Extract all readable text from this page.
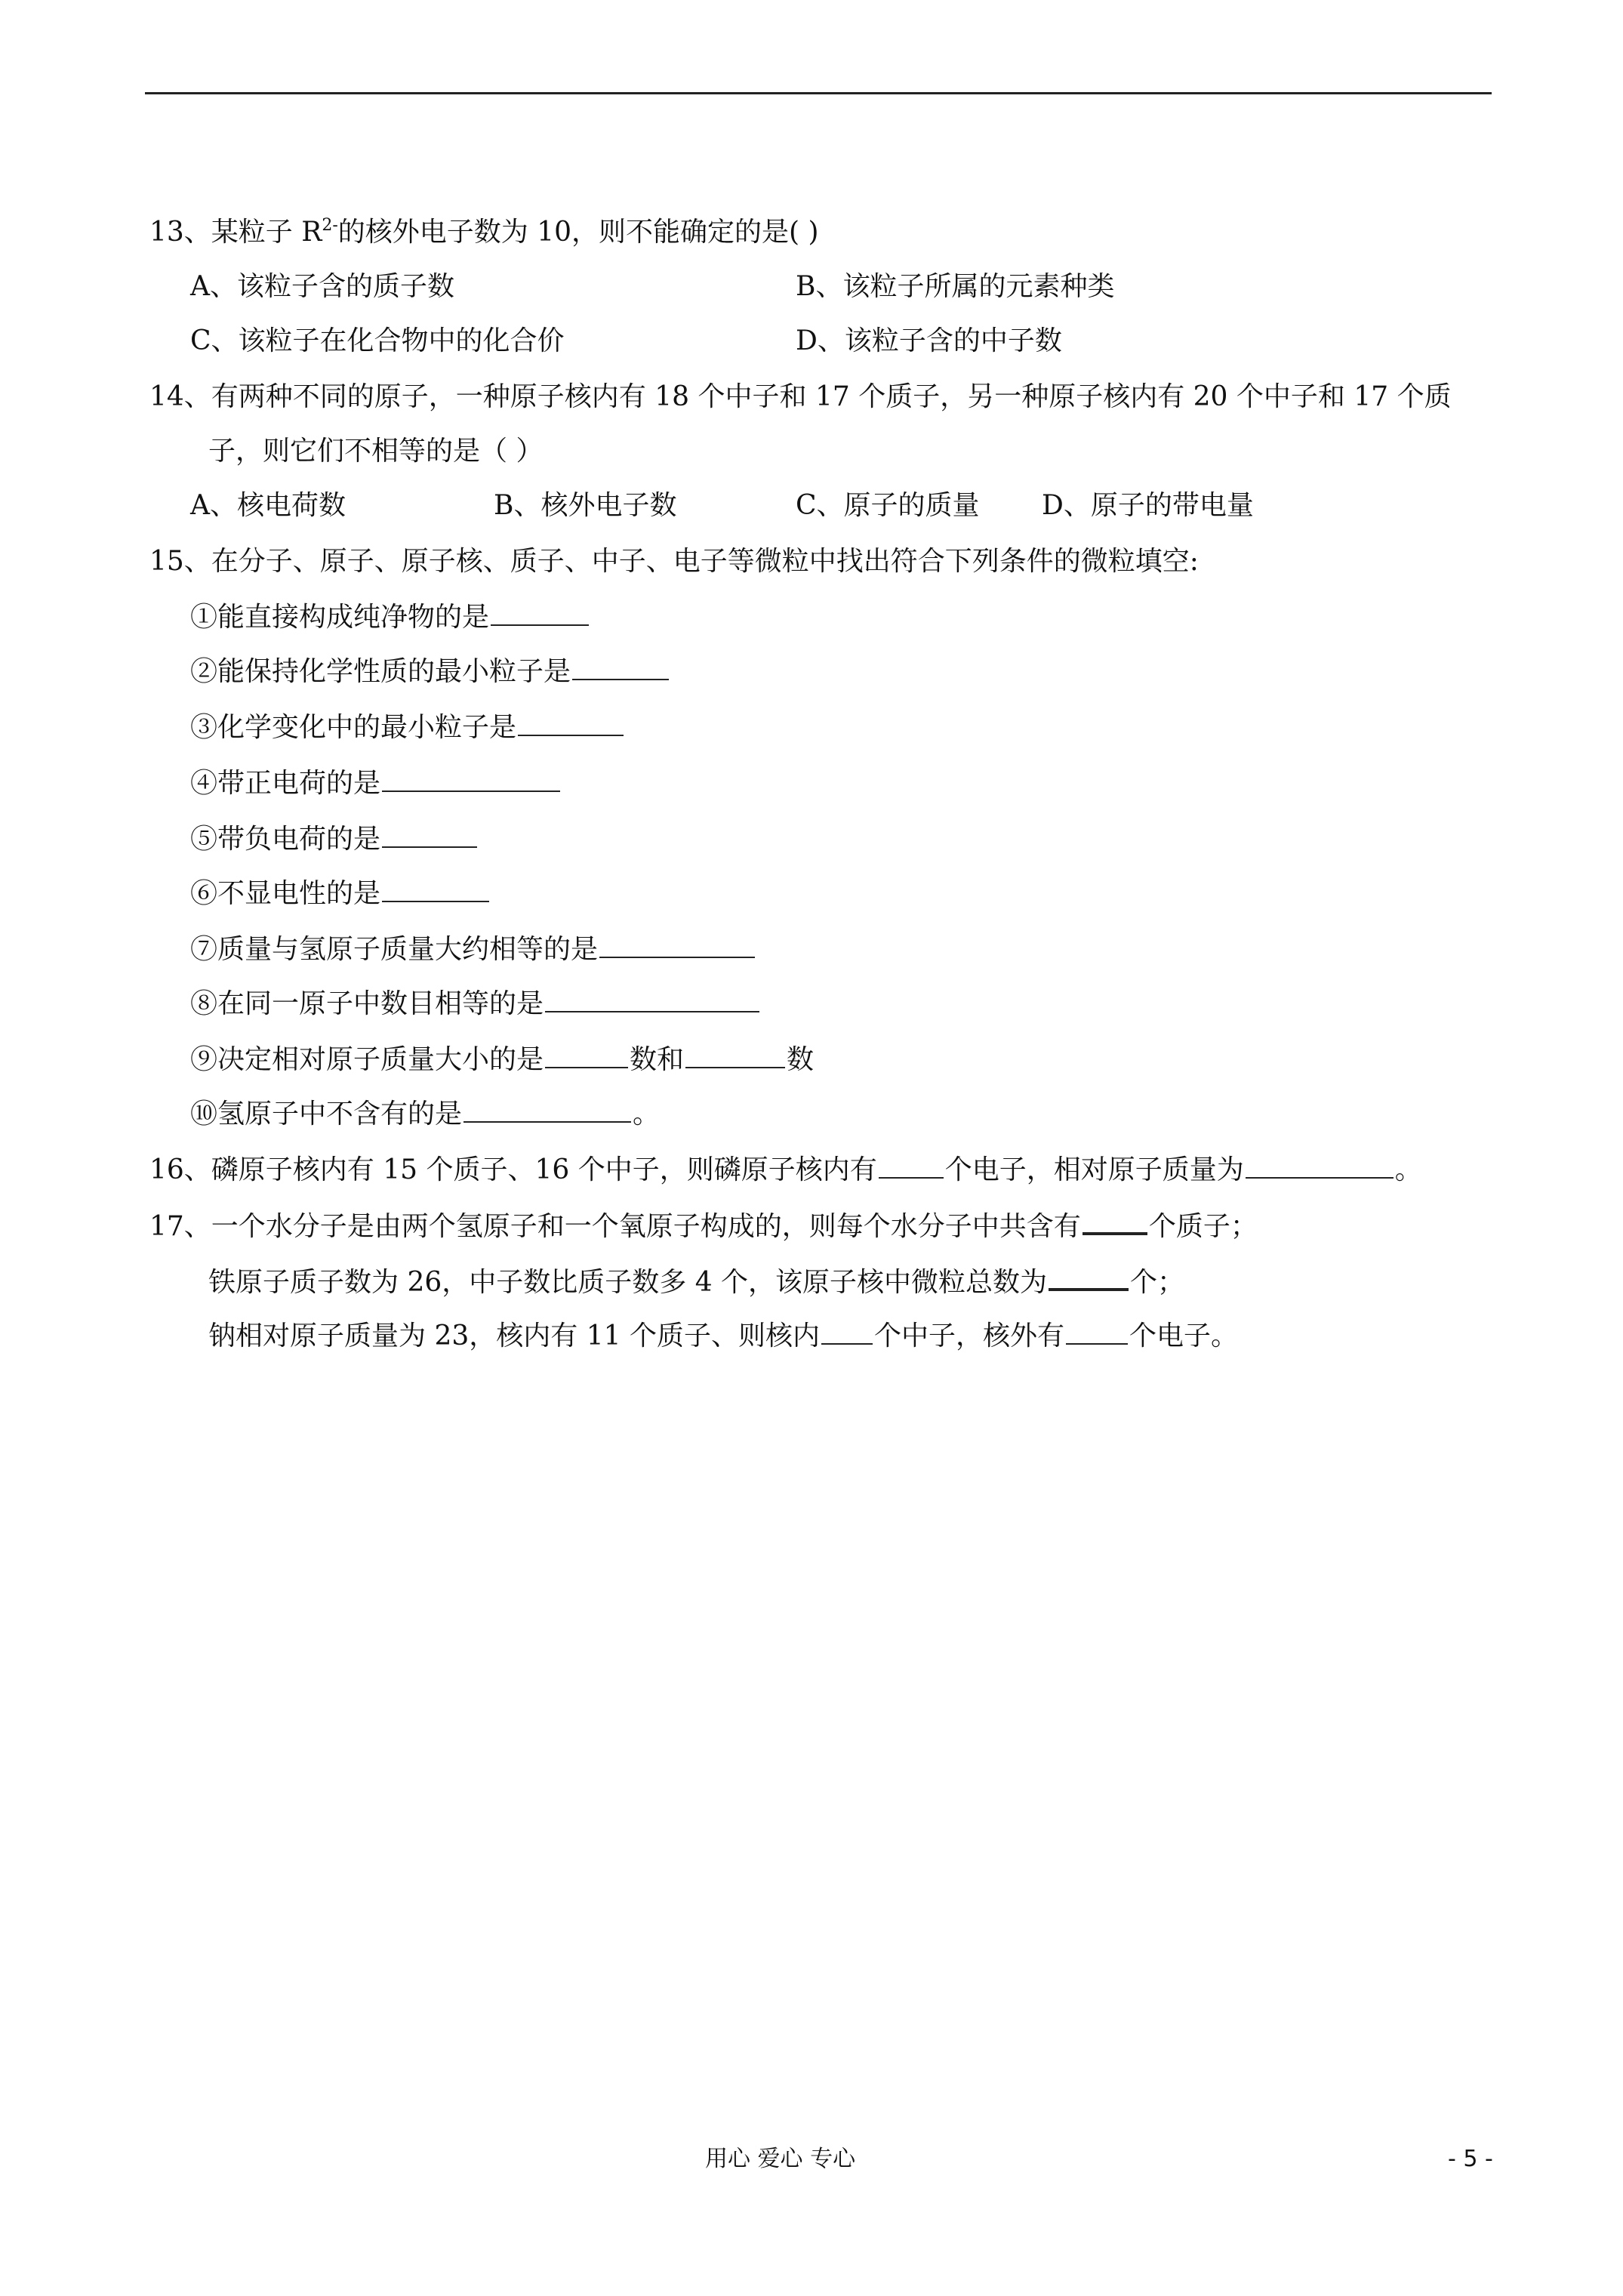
13、某粒子 $R^{2-}$的核外电子数为 10，则不能确定的是( )
A、该粒子含的质子数	B、该粒子所属的元素种类
C、该粒子在化合物中的化合价	D、该粒子含的中子数
14、有两种不同的原子，一种原子核内有 18 个中子和 17 个质子，另一种原子核内有 20 个中子和 17 个质
子，则它们不相等的是（ ）
A、核电荷数	B、核外电子数	C、原子的质量 D、原子的带电量
15、在分子、原子、原子核、质子、中子、电子等微粒中找出符合下列条件的微粒填空:
①能直接构成纯净物的是
②能保持化学性质的最小粒子是
③化学变化中的最小粒子是
④带正电荷的是
⑤带负电荷的是
⑥不显电性的是
⑦质量与氢原子质量大约相等的是
⑧在同一原子中数目相等的是
⑨决定相对原子质量大小的是	数和	数
⑩氢原子中不含有的是	。
16、磷原子核内有 15 个质子、16 个中子，则磷原子核内有	个电子，相对原子质量为	。
17、一个水分子是由两个氢原子和一个氧原子构成的，则每个水分子中共含有	个质子；
铁原子质子数为 26，中子数比质子数多 4 个，该原子核中微粒总数为	个；
钠相对原子质量为 23，核内有 11 个质子、则核内 个中子，核外有 个电子。
用心 爱心 专心	- 5 -
